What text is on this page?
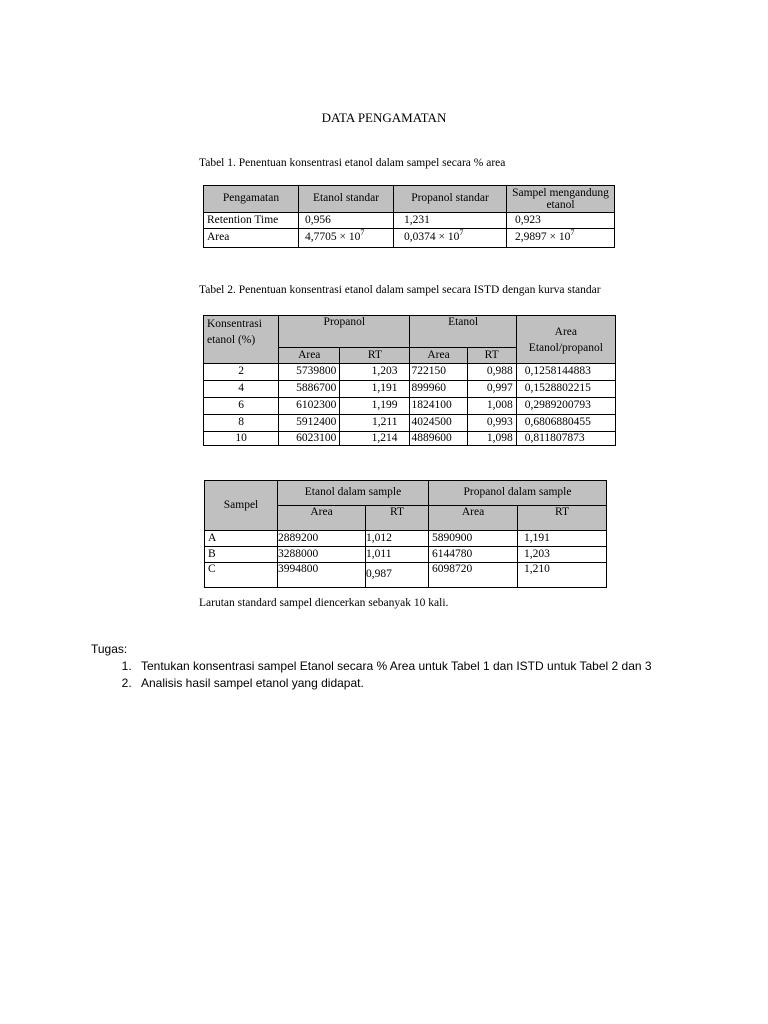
DATA PENGAMATAN
Tabel 1. Penentuan konsentrasi etanol dalam sampel secara % area
Pengamatan	Etanol standar	Propanol standar	Sampel mengandung etanol
Retention Time	0,956	1,231	0,923
Area	$4,7705 \times 10^7$	$0,0374 \times 10^7$	$2,9897 \times 10^7$
Tabel 2. Penentuan konsentrasi etanol dalam sampel secara ISTD dengan kurva standar
Konsentrasi etanol (%)	Propanol		Etanol		Area Etanol/propanol
	Area	RT	Area	RT	
2	5739800	1,203	722150	0,988	0,1258144883
4	5886700	1,191	899960	0,997	0,1528802215
6	6102300	1,199	1824100	1,008	0,2989200793
8	5912400	1,211	4024500	0,993	0,6806880455
10	6023100	1,214	4889600	1,098	0,811807873
Sampel	Etanol dalam sample		Propanol dalam sample	
	Area	RT	Area	RT
A	2889200	1,012	5890900	1,191
B	3288000	1,011	6144780	1,203
C	3994800	0,987	6098720	1,210
Larutan standard sampel diencerkan sebanyak 10 kali.
Tugas:
1. Tentukan konsentrasi sampel Etanol secara % Area untuk Tabel 1 dan ISTD untuk Tabel 2 dan 3
2. Analisis hasil sampel etanol yang didapat.
